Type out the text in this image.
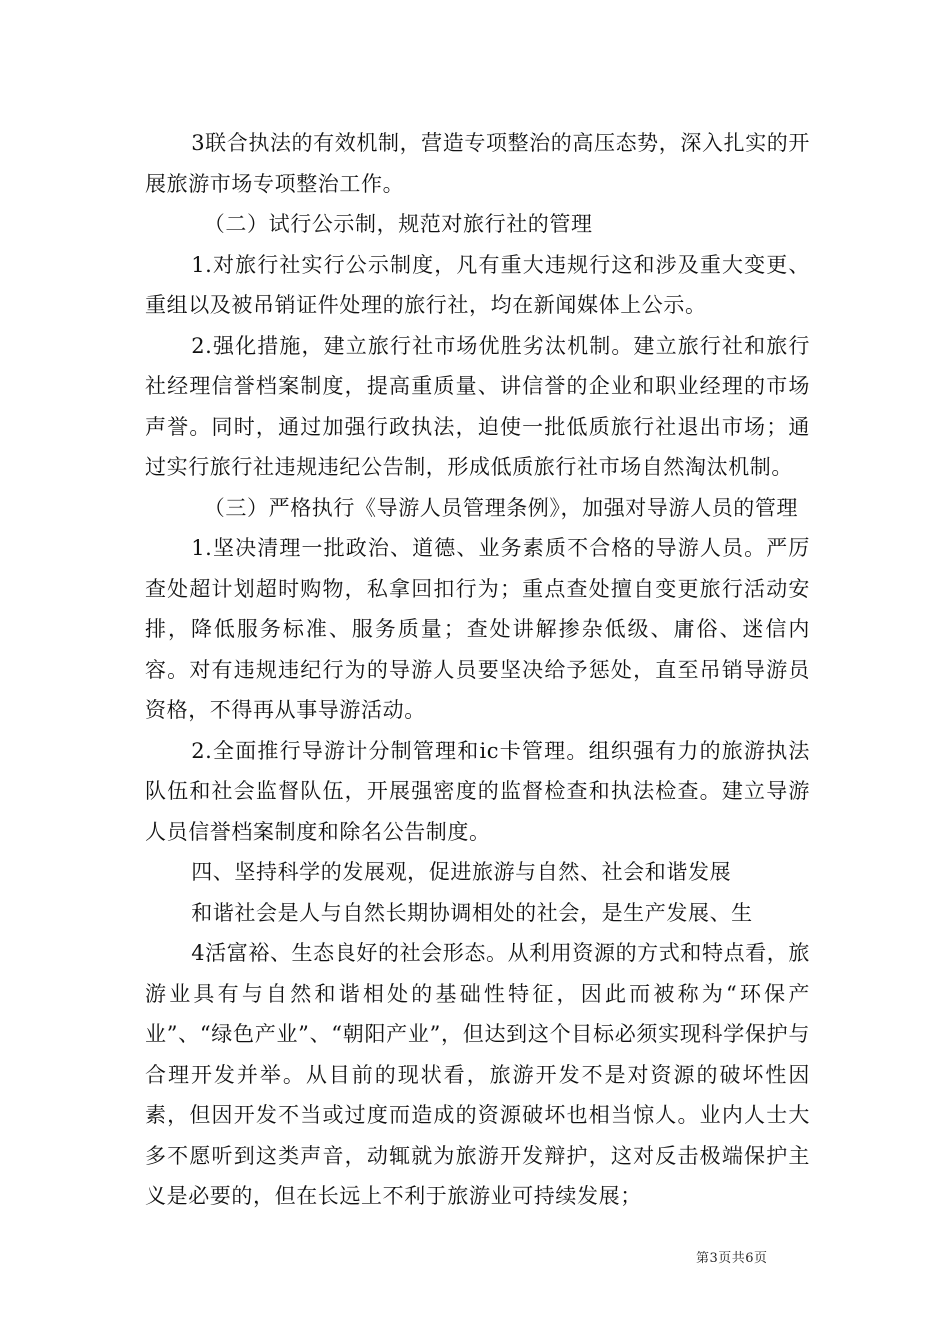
3联合执法的有效机制，营造专项整治的高压态势，深入扎实的开展旅游市场专项整治工作。

（二）试行公示制，规范对旅行社的管理

1.对旅行社实行公示制度，凡有重大违规行这和涉及重大变更、重组以及被吊销证件处理的旅行社，均在新闻媒体上公示。

2.强化措施，建立旅行社市场优胜劣汰机制。建立旅行社和旅行社经理信誉档案制度，提高重质量、讲信誉的企业和职业经理的市场声誉。同时，通过加强行政执法，迫使一批低质旅行社退出市场；通过实行旅行社违规违纪公告制，形成低质旅行社市场自然淘汰机制。

（三）严格执行《导游人员管理条例》，加强对导游人员的管理

1.坚决清理一批政治、道德、业务素质不合格的导游人员。严厉查处超计划超时购物，私拿回扣行为；重点查处擅自变更旅行活动安排，降低服务标准、服务质量；查处讲解掺杂低级、庸俗、迷信内容。对有违规违纪行为的导游人员要坚决给予惩处，直至吊销导游员资格，不得再从事导游活动。

2.全面推行导游计分制管理和ic卡管理。组织强有力的旅游执法队伍和社会监督队伍，开展强密度的监督检查和执法检查。建立导游人员信誉档案制度和除名公告制度。

四、坚持科学的发展观，促进旅游与自然、社会和谐发展

和谐社会是人与自然长期协调相处的社会，是生产发展、生

4活富裕、生态良好的社会形态。从利用资源的方式和特点看，旅游业具有与自然和谐相处的基础性特征，因此而被称为“环保产业”、“绿色产业”、“朝阳产业”，但达到这个目标必须实现科学保护与合理开发并举。从目前的现状看，旅游开发不是对资源的破坏性因素，但因开发不当或过度而造成的资源破坏也相当惊人。业内人士大多不愿听到这类声音，动辄就为旅游开发辩护，这对反击极端保护主义是必要的，但在长远上不利于旅游业可持续发展；

第3页共6页
